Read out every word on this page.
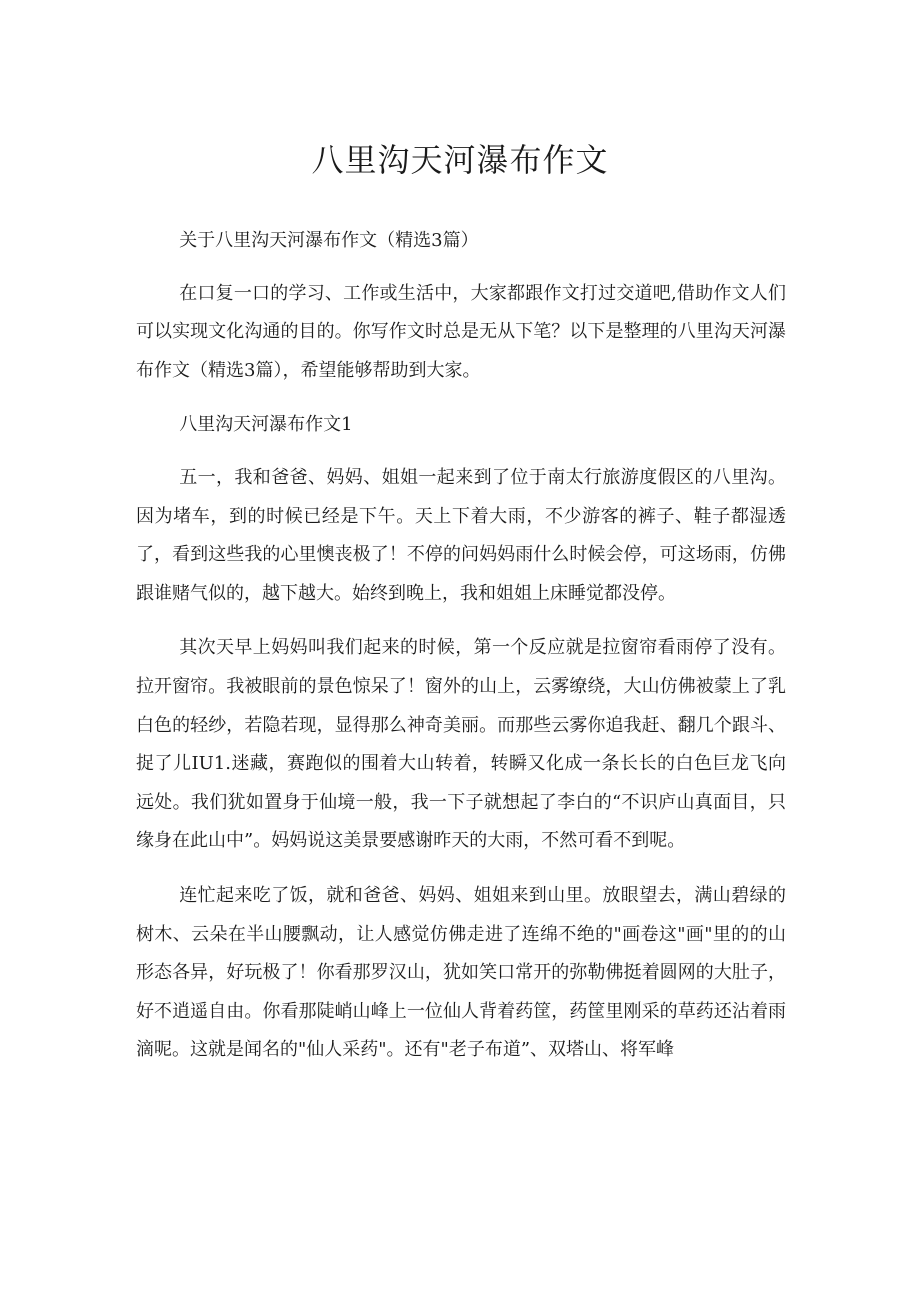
八里沟天河瀑布作文

关于八里沟天河瀑布作文（精选3篇）

在口复一口的学习、工作或生活中，大家都跟作文打过交道吧,借助作文人们可以实现文化沟通的目的。你写作文时总是无从下笔？以下是整理的八里沟天河瀑布作文（精选3篇），希望能够帮助到大家。

八里沟天河瀑布作文1

五一，我和爸爸、妈妈、姐姐一起来到了位于南太行旅游度假区的八里沟。因为堵车，到的时候已经是下午。天上下着大雨，不少游客的裤子、鞋子都湿透了，看到这些我的心里懊丧极了！不停的问妈妈雨什么时候会停，可这场雨，仿佛跟谁赌气似的，越下越大。始终到晚上，我和姐姐上床睡觉都没停。

其次天早上妈妈叫我们起来的时候，第一个反应就是拉窗帘看雨停了没有。拉开窗帘。我被眼前的景色惊呆了！窗外的山上，云雾缭绕，大山仿佛被蒙上了乳白色的轻纱，若隐若现，显得那么神奇美丽。而那些云雾你追我赶、翻几个跟斗、捉了儿IU1.迷藏，赛跑似的围着大山转着，转瞬又化成一条长长的白色巨龙飞向远处。我们犹如置身于仙境一般，我一下子就想起了李白的“不识庐山真面目，只缘身在此山中”。妈妈说这美景要感谢昨天的大雨，不然可看不到呢。

连忙起来吃了饭，就和爸爸、妈妈、姐姐来到山里。放眼望去，满山碧绿的树木、云朵在半山腰飘动，让人感觉仿佛走进了连绵不绝的"画卷这"画"里的的山形态各异，好玩极了！你看那罗汉山，犹如笑口常开的弥勒佛挺着圆网的大肚子，好不逍遥自由。你看那陡峭山峰上一位仙人背着药筐，药筐里刚采的草药还沾着雨滴呢。这就是闻名的"仙人采药"。还有"老子布道”、双塔山、将军峰
